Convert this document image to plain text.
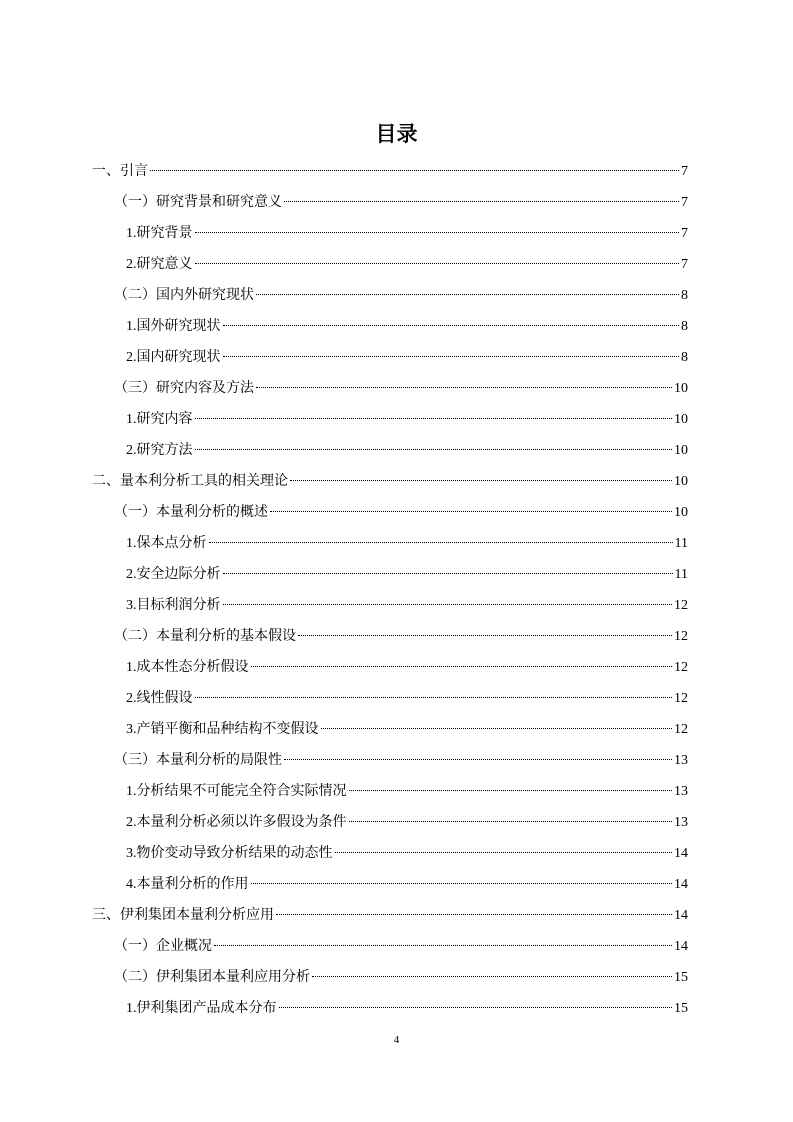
目录
一、引言	7
（一）研究背景和研究意义	7
1.研究背景	7
2.研究意义	7
（二）国内外研究现状	8
1.国外研究现状	8
2.国内研究现状	8
（三）研究内容及方法	10
1.研究内容	10
2.研究方法	10
二、量本利分析工具的相关理论	10
（一）本量利分析的概述	10
1.保本点分析	11
2.安全边际分析	11
3.目标利润分析	12
（二）本量利分析的基本假设	12
1.成本性态分析假设	12
2.线性假设	12
3.产销平衡和品种结构不变假设	12
（三）本量利分析的局限性	13
1.分析结果不可能完全符合实际情况	13
2.本量利分析必须以许多假设为条件	13
3.物价变动导致分析结果的动态性	14
4.本量利分析的作用	14
三、伊利集团本量利分析应用	14
（一）企业概况	14
（二）伊利集团本量利应用分析	15
1.伊利集团产品成本分布	15
4
